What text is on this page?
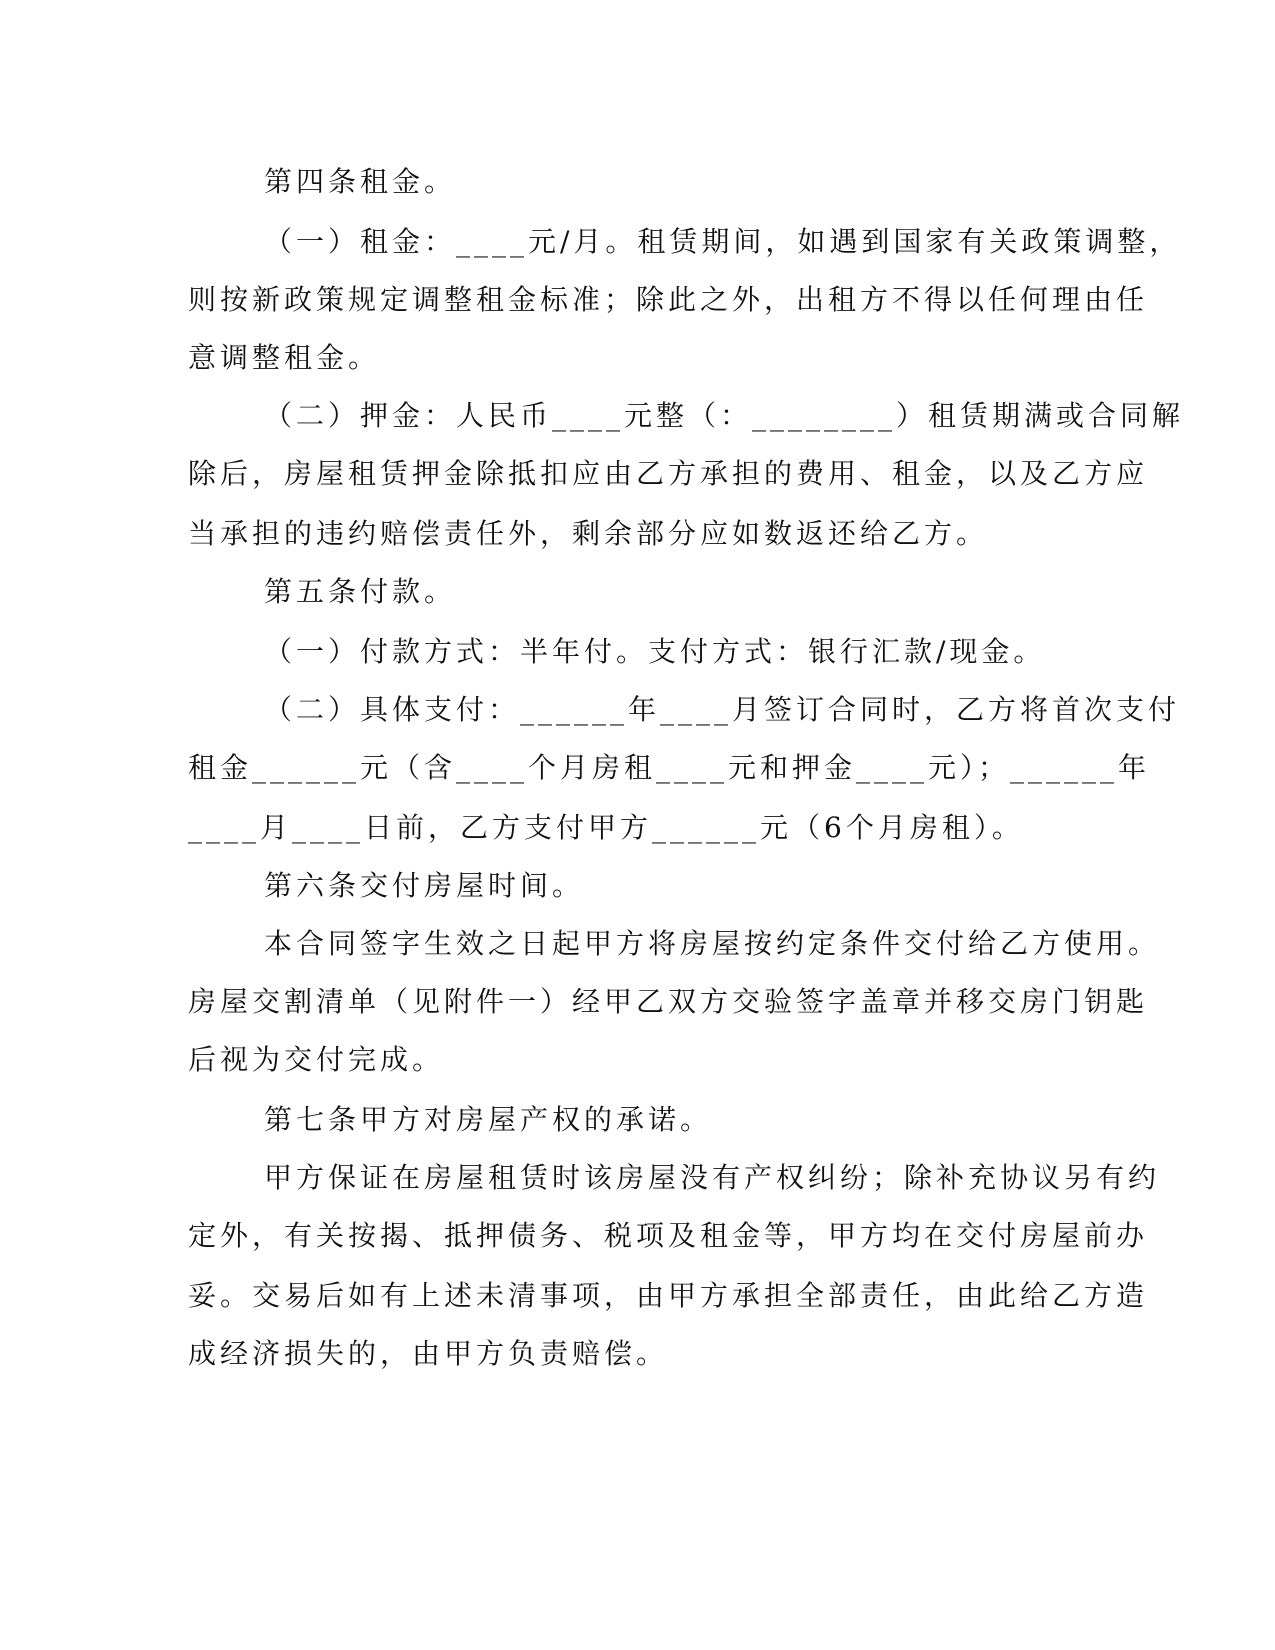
第四条租金。
（一）租金：____元/月。租赁期间，如遇到国家有关政策调整，
则按新政策规定调整租金标准；除此之外，出租方不得以任何理由任
意调整租金。
（二）押金：人民币____元整（：________）租赁期满或合同解
除后，房屋租赁押金除抵扣应由乙方承担的费用、租金，以及乙方应
当承担的违约赔偿责任外，剩余部分应如数返还给乙方。
第五条付款。
（一）付款方式：半年付。支付方式：银行汇款/现金。
（二）具体支付：______年____月签订合同时，乙方将首次支付
租金______元（含____个月房租____元和押金____元）；______年
____月____日前，乙方支付甲方______元（6个月房租）。
第六条交付房屋时间。
本合同签字生效之日起甲方将房屋按约定条件交付给乙方使用。
房屋交割清单（见附件一）经甲乙双方交验签字盖章并移交房门钥匙
后视为交付完成。
第七条甲方对房屋产权的承诺。
甲方保证在房屋租赁时该房屋没有产权纠纷；除补充协议另有约
定外，有关按揭、抵押债务、税项及租金等，甲方均在交付房屋前办
妥。交易后如有上述未清事项，由甲方承担全部责任，由此给乙方造
成经济损失的，由甲方负责赔偿。
